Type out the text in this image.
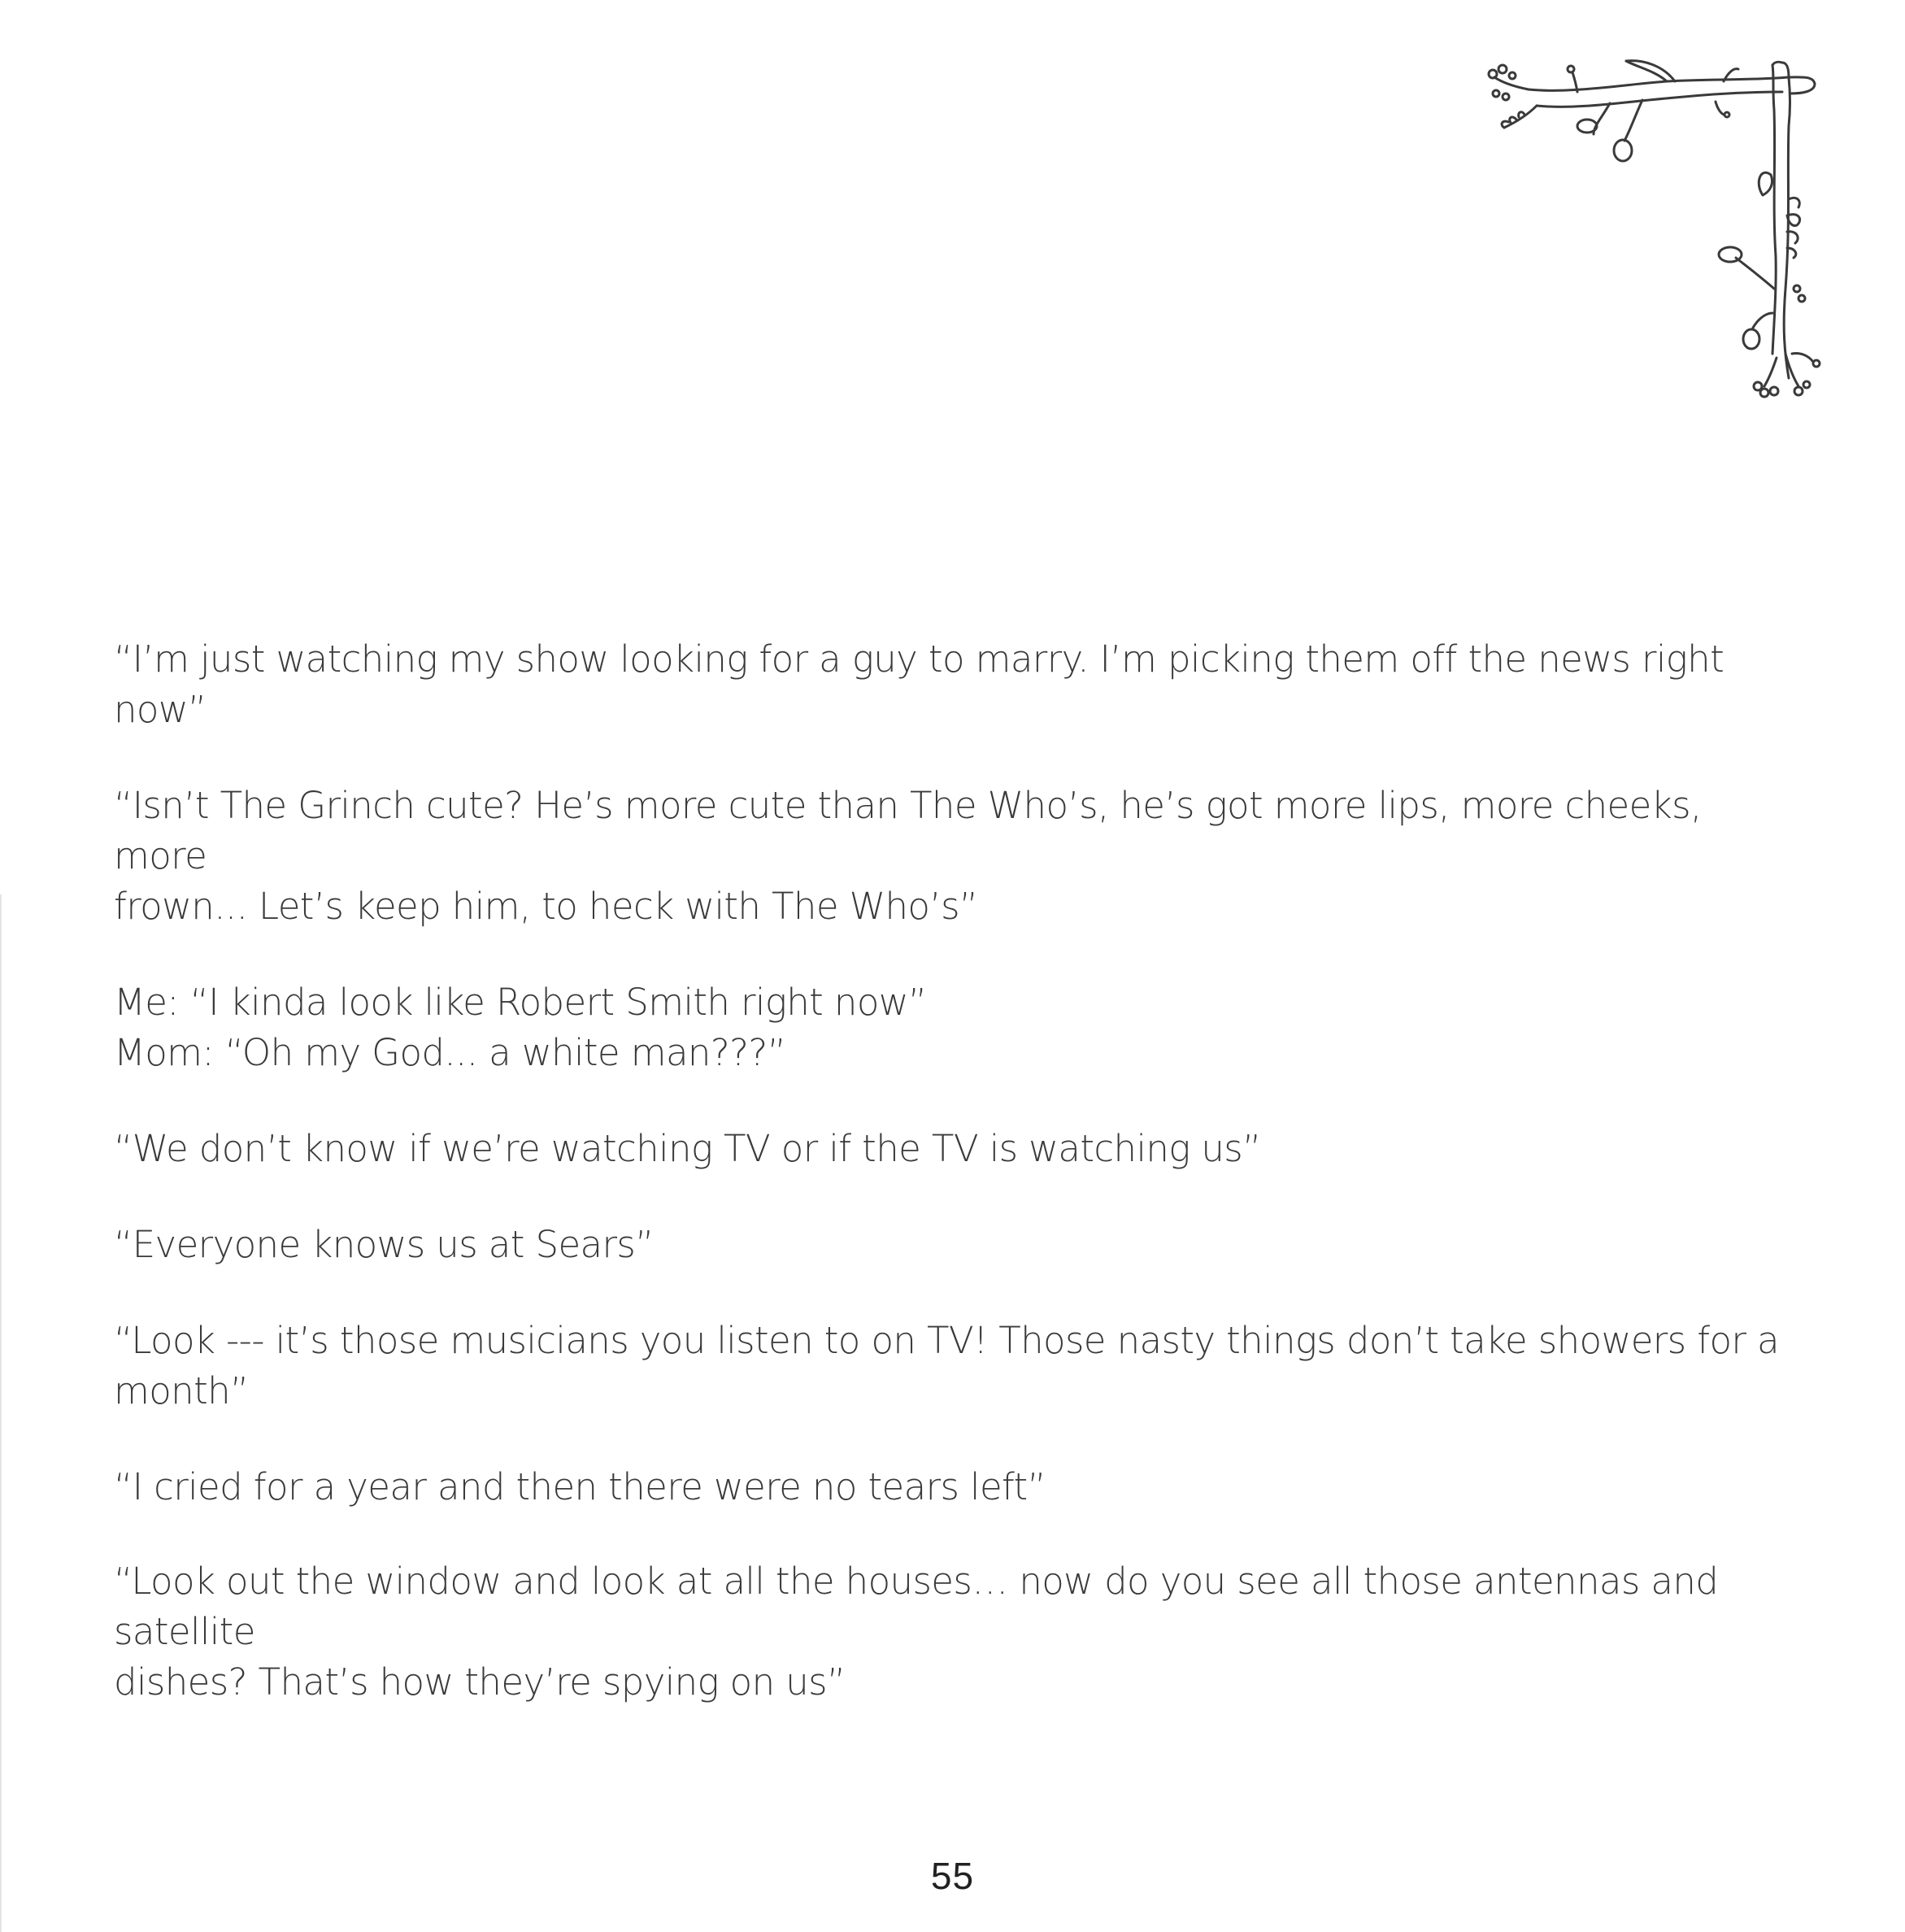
“I’m just watching my show looking for a guy to marry. I’m picking them off the news right now”

“Isn’t The Grinch cute? He’s more cute than The Who’s, he’s got more lips, more cheeks, more
frown... Let’s keep him, to heck with The Who’s”

Me: “I kinda look like Robert Smith right now”
Mom: “Oh my God... a white man???”

“We don’t know if we’re watching TV or if the TV is watching us”

“Everyone knows us at Sears”

“Look --- it’s those musicians you listen to on TV! Those nasty things don’t take showers for a
month”

“I cried for a year and then there were no tears left”

“Look out the window and look at all the houses… now do you see all those antennas and satellite
dishes? That’s how they’re spying on us”

55
